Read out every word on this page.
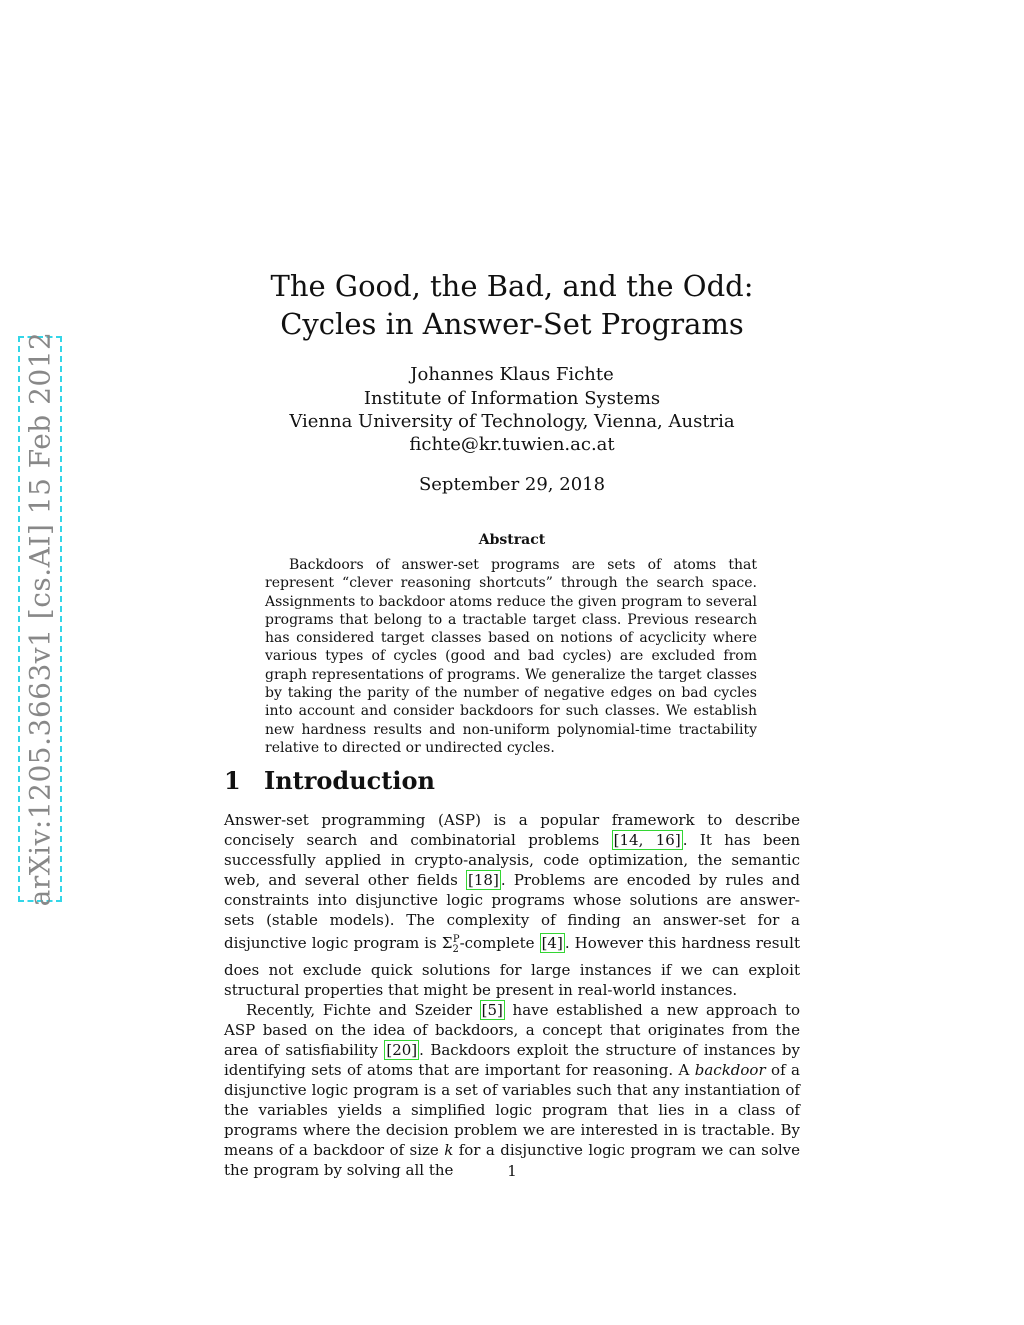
arXiv:1205.3663v1 [cs.AI] 15 Feb 2012
The Good, the Bad, and the Odd:
Cycles in Answer-Set Programs
Johannes Klaus Fichte
Institute of Information Systems
Vienna University of Technology, Vienna, Austria
fichte@kr.tuwien.ac.at
September 29, 2018
Abstract

Backdoors of answer-set programs are sets of atoms that represent “clever reasoning shortcuts” through the search space. Assignments to backdoor atoms reduce the given program to several programs that belong to a tractable target class. Previous research has considered target classes based on notions of acyclicity where various types of cycles (good and bad cycles) are excluded from graph representations of programs. We generalize the target classes by taking the parity of the number of negative edges on bad cycles into account and consider backdoors for such classes. We establish new hardness results and non-uniform polynomial-time tractability relative to directed or undirected cycles.

1 Introduction

Answer-set programming (ASP) is a popular framework to describe concisely search and combinatorial problems [14, 16] . It has been successfully applied in crypto-analysis, code optimization, the semantic web, and several other fields [18] . Problems are encoded by rules and constraints into disjunctive logic programs whose solutions are answer-sets (stable models). The complexity of finding an answer-set for a disjunctive logic program is $\Sigma_2^P$-complete [4] . However this hardness result does not exclude quick solutions for large instances if we can exploit structural properties that might be present in real-world instances.

Recently, Fichte and Szeider [5] have established a new approach to ASP based on the idea of backdoors, a concept that originates from the area of satisfiability [20] . Backdoors exploit the structure of instances by identifying sets of atoms that are important for reasoning. A backdoor of a disjunctive logic program is a set of variables such that any instantiation of the variables yields a simplified logic program that lies in a class of programs where the decision problem we are interested in is tractable. By means of a backdoor of size k for a disjunctive logic program we can solve the program by solving all the	1
